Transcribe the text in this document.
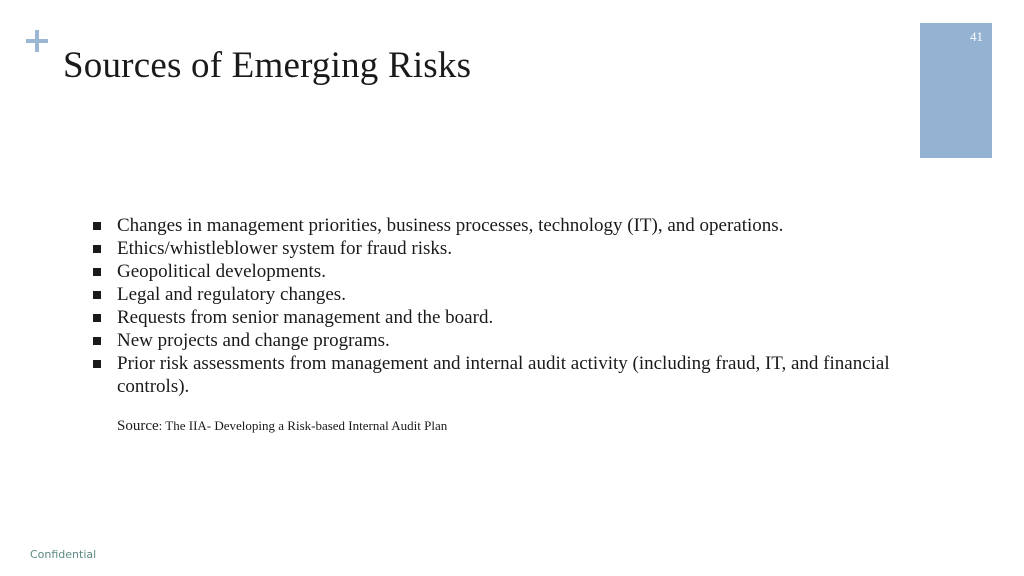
Sources of Emerging Risks
41
Changes in management priorities, business processes, technology (IT), and operations.
Ethics/whistleblower system for fraud risks.
Geopolitical developments.
Legal and regulatory changes.
Requests from senior management and the board.
New projects and change programs.
Prior risk assessments from management and internal audit activity (including fraud, IT, and financial controls).
Source: The IIA- Developing a Risk-based Internal Audit Plan
Confidential
